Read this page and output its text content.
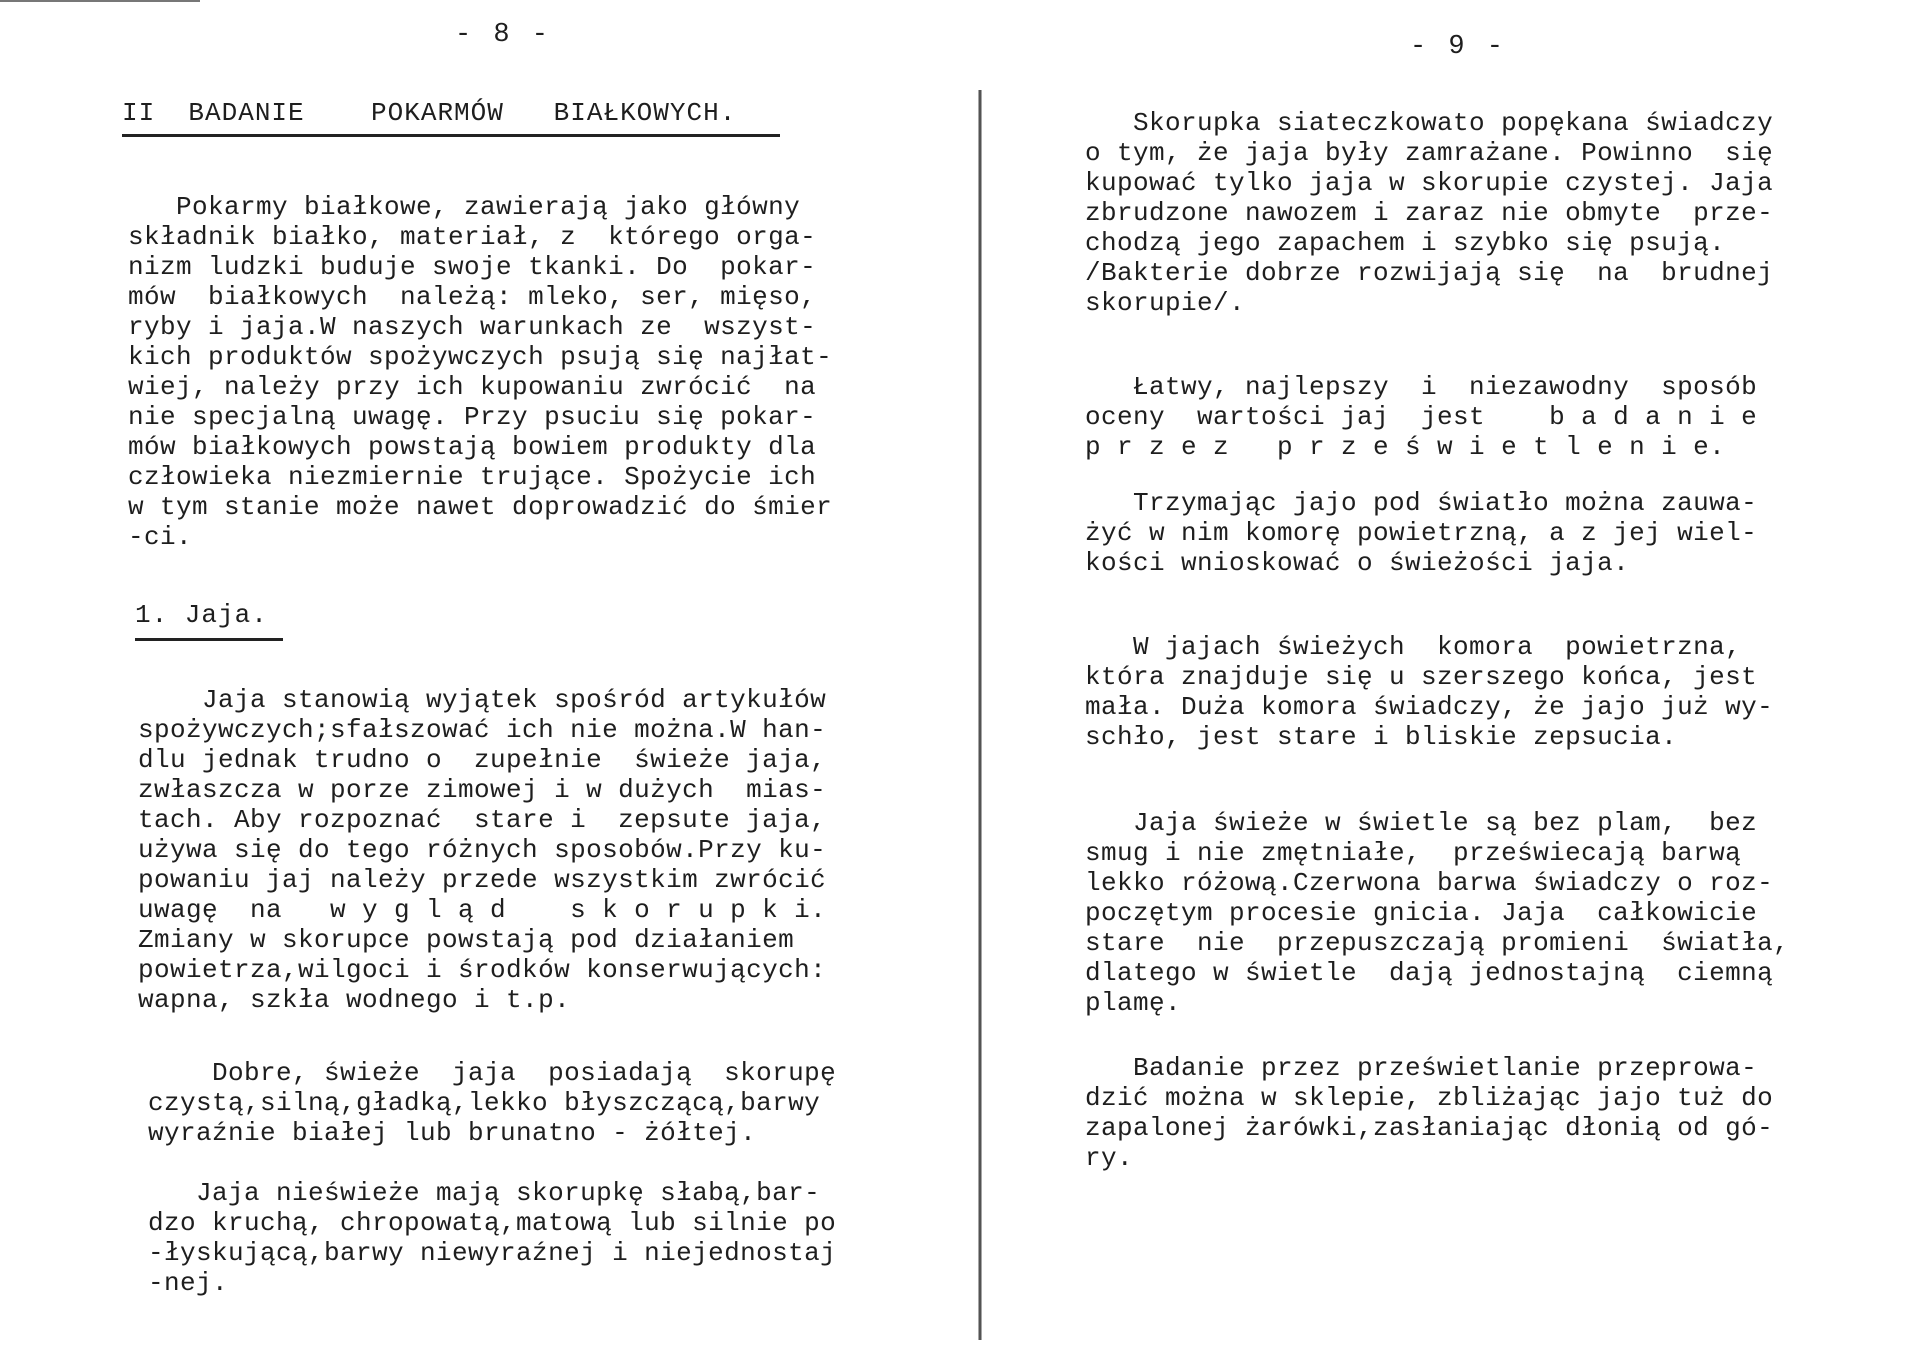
- 8 -
II  BADANIE    POKARMÓW   BIAŁKOWYCH.
Pokarmy białkowe, zawierają jako główny
składnik białko, materiał, z  którego orga-
nizm ludzki buduje swoje tkanki. Do  pokar-
mów  białkowych  należą: mleko, ser, mięso,
ryby i jaja.W naszych warunkach ze  wszyst-
kich produktów spożywczych psują się najłat-
wiej, należy przy ich kupowaniu zwrócić  na
nie specjalną uwagę. Przy psuciu się pokar-
mów białkowych powstają bowiem produkty dla
człowieka niezmiernie trujące. Spożycie ich
w tym stanie może nawet doprowadzić do śmier
-ci.
1. Jaja.
Jaja stanowią wyjątek spośród artykułów
spożywczych;sfałszować ich nie można.W han-
dlu jednak trudno o  zupełnie  świeże jaja,
zwłaszcza w porze zimowej i w dużych  mias-
tach. Aby rozpoznać  stare i  zepsute jaja,
używa się do tego różnych sposobów.Przy ku-
powaniu jaj należy przede wszystkim zwrócić
uwagę  na   w y g l ą d    s k o r u p k i.
Zmiany w skorupce powstają pod działaniem
powietrza,wilgoci i środków konserwujących:
wapna, szkła wodnego i t.p.
Dobre, świeże  jaja  posiadają  skorupę
czystą,silną,gładką,lekko błyszczącą,barwy
wyraźnie białej lub brunatno - żółtej.
Jaja nieświeże mają skorupkę słabą,bar-
dzo kruchą, chropowatą,matową lub silnie po
-łyskującą,barwy niewyraźnej i niejednostaj
-nej.
- 9 -
Skorupka siateczkowato popękana świadczy
o tym, że jaja były zamrażane. Powinno  się
kupować tylko jaja w skorupie czystej. Jaja
zbrudzone nawozem i zaraz nie obmyte  prze-
chodzą jego zapachem i szybko się psują.
/Bakterie dobrze rozwijają się  na  brudnej
skorupie/.
Łatwy, najlepszy  i  niezawodny  sposób
oceny  wartości jaj  jest    b a d a n i e
p r z e z   p r z e ś w i e t l e n i e.
Trzymając jajo pod światło można zauwa-
żyć w nim komorę powietrzną, a z jej wiel-
kości wnioskować o świeżości jaja.
W jajach świeżych  komora  powietrzna,
która znajduje się u szerszego końca, jest
mała. Duża komora świadczy, że jajo już wy-
schło, jest stare i bliskie zepsucia.
Jaja świeże w świetle są bez plam,  bez
smug i nie zmętniałe,  przeświecają barwą
lekko różową.Czerwona barwa świadczy o roz-
poczętym procesie gnicia. Jaja  całkowicie
stare  nie  przepuszczają promieni  światła,
dlatego w świetle  dają jednostajną  ciemną
plamę.
Badanie przez prześwietlanie przeprowa-
dzić można w sklepie, zbliżając jajo tuż do
zapalonej żarówki,zasłaniając dłonią od gó-
ry.
